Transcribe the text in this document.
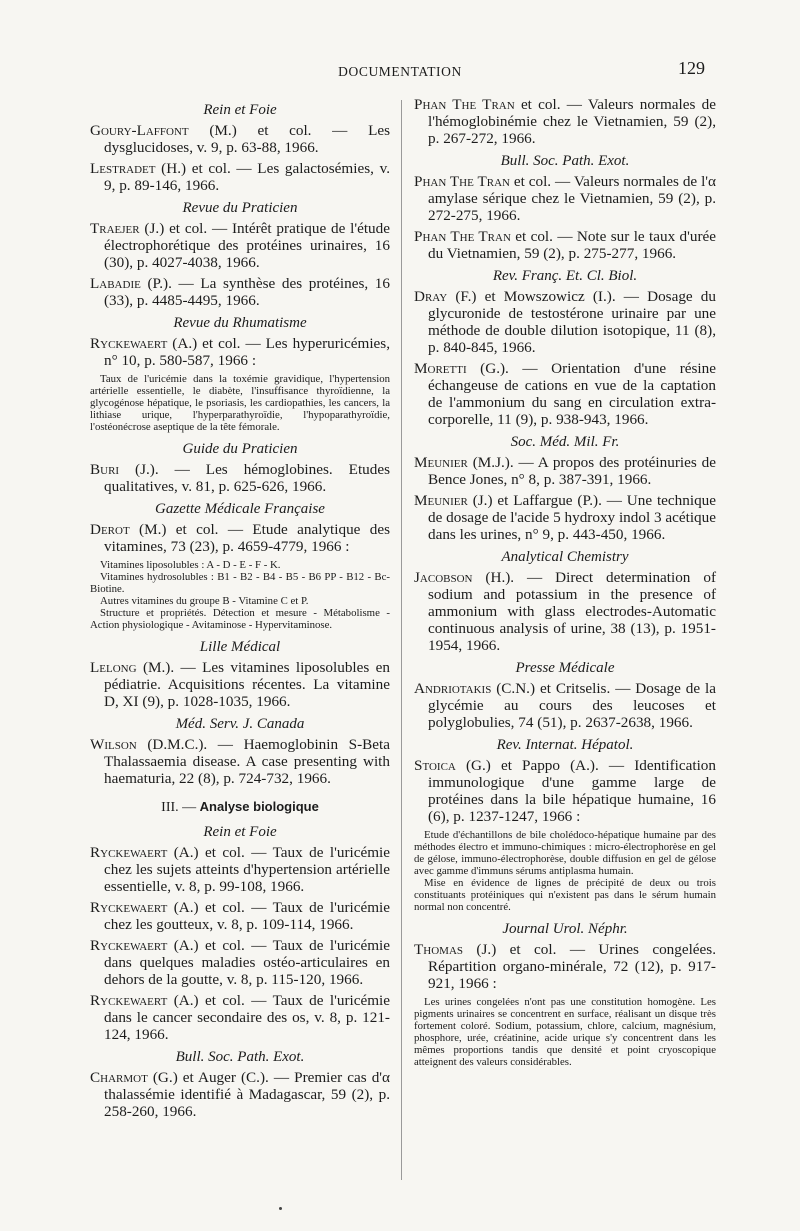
DOCUMENTATION	129
Rein et Foie
Goury-Laffont (M.) et col. — Les dysglucidoses, v. 9, p. 63-88, 1966.
Lestradet (H.) et col. — Les galactosémies, v. 9, p. 89-146, 1966.
Revue du Praticien
Traejer (J.) et col. — Intérêt pratique de l'étude électrophorétique des protéines urinaires, 16 (30), p. 4027-4038, 1966.
Labadie (P.). — La synthèse des protéines, 16 (33), p. 4485-4495, 1966.
Revue du Rhumatisme
Ryckewaert (A.) et col. — Les hyperuricémies, n° 10, p. 580-587, 1966 :

Taux de l'uricémie dans la toxémie gravidique, l'hypertension artérielle essentielle, le diabète, l'insuffisance thyroïdienne, la glycogénose hépatique, le psoriasis, les cardiopathies, les cancers, la lithiase urique, l'hyperparathyroïdie, l'hypoparathyroïdie, l'ostéonécrose aseptique de la tête fémorale.

Guide du Praticien
Buri (J.). — Les hémoglobines. Etudes qualitatives, v. 81, p. 625-626, 1966.
Gazette Médicale Française
Derot (M.) et col. — Etude analytique des vitamines, 73 (23), p. 4659-4779, 1966 :

Vitamines liposolubles : A - D - E - F - K.

Vitamines hydrosolubles : B1 - B2 - B4 - B5 - B6 PP - B12 - Bc-Biotine.

Autres vitamines du groupe B - Vitamine C et P.

Structure et propriétés. Détection et mesure - Métabolisme - Action physiologique - Avitaminose - Hypervitaminose.

Lille Médical
Lelong (M.). — Les vitamines liposolubles en pédiatrie. Acquisitions récentes. La vitamine D, XI (9), p. 1028-1035, 1966.
Méd. Serv. J. Canada
Wilson (D.M.C.). — Haemoglobinin S-Beta Thalassaemia disease. A case presenting with haematuria, 22 (8), p. 724-732, 1966.
III. — Analyse biologique
Rein et Foie
Ryckewaert (A.) et col. — Taux de l'uricémie chez les sujets atteints d'hypertension artérielle essentielle, v. 8, p. 99-108, 1966.
Ryckewaert (A.) et col. — Taux de l'uricémie chez les goutteux, v. 8, p. 109-114, 1966.
Ryckewaert (A.) et col. — Taux de l'uricémie dans quelques maladies ostéo-articulaires en dehors de la goutte, v. 8, p. 115-120, 1966.
Ryckewaert (A.) et col. — Taux de l'uricémie dans le cancer secondaire des os, v. 8, p. 121-124, 1966.
Bull. Soc. Path. Exot.
Charmot (G.) et Auger (C.). — Premier cas d'α thalassémie identifié à Madagascar, 59 (2), p. 258-260, 1966.
Phan The Tran et col. — Valeurs normales de l'hémoglobinémie chez le Vietnamien, 59 (2), p. 267-272, 1966.
Bull. Soc. Path. Exot.
Phan The Tran et col. — Valeurs normales de l'α amylase sérique chez le Vietnamien, 59 (2), p. 272-275, 1966.
Phan The Tran et col. — Note sur le taux d'urée du Vietnamien, 59 (2), p. 275-277, 1966.
Rev. Franç. Et. Cl. Biol.
Dray (F.) et Mowszowicz (I.). — Dosage du glycuronide de testostérone urinaire par une méthode de double dilution isotopique, 11 (8), p. 840-845, 1966.
Moretti (G.). — Orientation d'une résine échangeuse de cations en vue de la captation de l'ammonium du sang en circulation extra-corporelle, 11 (9), p. 938-943, 1966.
Soc. Méd. Mil. Fr.
Meunier (M.J.). — A propos des protéinuries de Bence Jones, n° 8, p. 387-391, 1966.
Meunier (J.) et Laffargue (P.). — Une technique de dosage de l'acide 5 hydroxy indol 3 acétique dans les urines, n° 9, p. 443-450, 1966.
Analytical Chemistry
Jacobson (H.). — Direct determination of sodium and potassium in the presence of ammonium with glass electrodes-Automatic continuous analysis of urine, 38 (13), p. 1951-1954, 1966.
Presse Médicale
Andriotakis (C.N.) et Critselis. — Dosage de la glycémie au cours des leucoses et polyglobulies, 74 (51), p. 2637-2638, 1966.
Rev. Internat. Hépatol.
Stoica (G.) et Pappo (A.). — Identification immunologique d'une gamme large de protéines dans la bile hépatique humaine, 16 (6), p. 1237-1247, 1966 :

Etude d'échantillons de bile cholédoco-hépatique humaine par des méthodes électro et immuno-chimiques : micro-électrophorèse en gel de gélose, immuno-électrophorèse, double diffusion en gel de gélose avec gamme d'immuns sérums antiplasma humain.

Mise en évidence de lignes de précipité de deux ou trois constituants protéiniques qui n'existent pas dans le sérum humain normal non concentré.

Journal Urol. Néphr.
Thomas (J.) et col. — Urines congelées. Répartition organo-minérale, 72 (12), p. 917-921, 1966 :

Les urines congelées n'ont pas une constitution homogène. Les pigments urinaires se concentrent en surface, réalisant un disque très fortement coloré. Sodium, potassium, chlore, calcium, magnésium, phosphore, urée, créatinine, acide urique s'y concentrent dans les mêmes proportions tandis que densité et point cryoscopique atteignent des valeurs considérables.
